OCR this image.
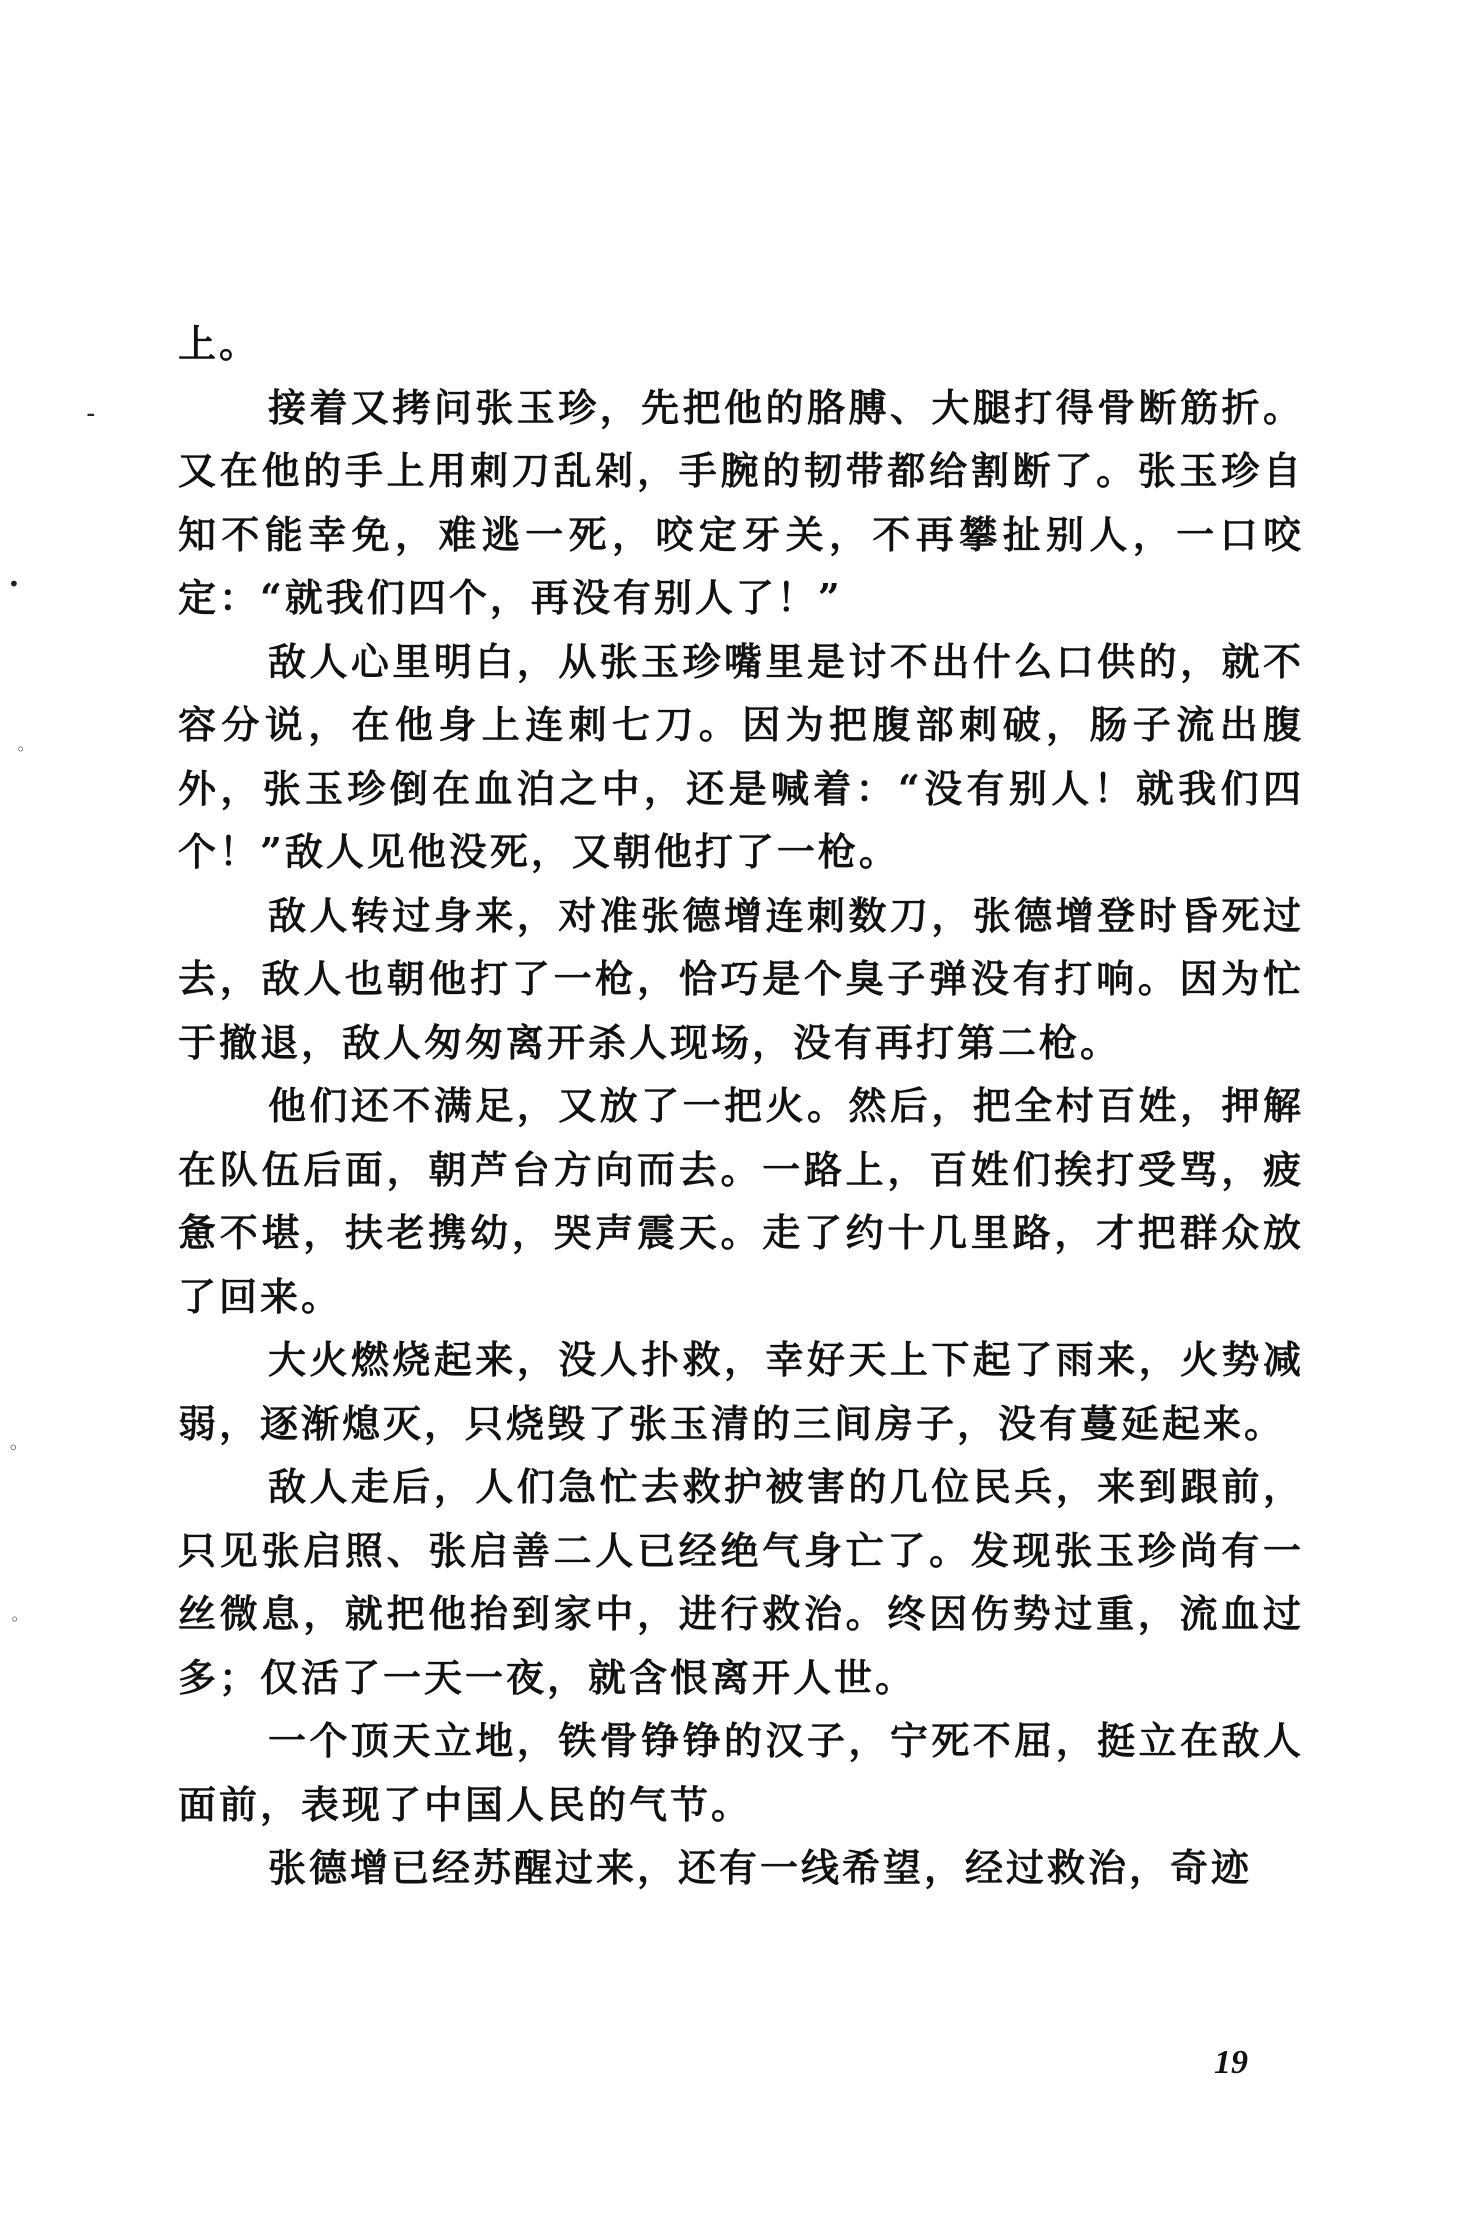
˗
•
◦
◦
◦

上。

接着又拷问张玉珍，先把他的胳膊、大腿打得骨断筋折。又在他的手上用刺刀乱剁，手腕的韧带都给割断了。张玉珍自知不能幸免，难逃一死，咬定牙关，不再攀扯别人，一口咬定：“就我们四个，再没有别人了！”

敌人心里明白，从张玉珍嘴里是讨不出什么口供的，就不容分说，在他身上连刺七刀。因为把腹部刺破，肠子流出腹外，张玉珍倒在血泊之中，还是喊着：“没有别人！就我们四个！”敌人见他没死，又朝他打了一枪。

敌人转过身来，对准张德增连刺数刀，张德增登时昏死过去，敌人也朝他打了一枪，恰巧是个臭子弹没有打响。因为忙于撤退，敌人匆匆离开杀人现场，没有再打第二枪。

他们还不满足，又放了一把火。然后，把全村百姓，押解在队伍后面，朝芦台方向而去。一路上，百姓们挨打受骂，疲惫不堪，扶老携幼，哭声震天。走了约十几里路，才把群众放了回来。

大火燃烧起来，没人扑救，幸好天上下起了雨来，火势减弱，逐渐熄灭，只烧毁了张玉清的三间房子，没有蔓延起来。

敌人走后，人们急忙去救护被害的几位民兵，来到跟前，只见张启照、张启善二人已经绝气身亡了。发现张玉珍尚有一丝微息，就把他抬到家中，进行救治。终因伤势过重，流血过多；仅活了一天一夜，就含恨离开人世。

一个顶天立地，铁骨铮铮的汉子，宁死不屈，挺立在敌人面前，表现了中国人民的气节。

张德增已经苏醒过来，还有一线希望，经过救治，奇迹

19
